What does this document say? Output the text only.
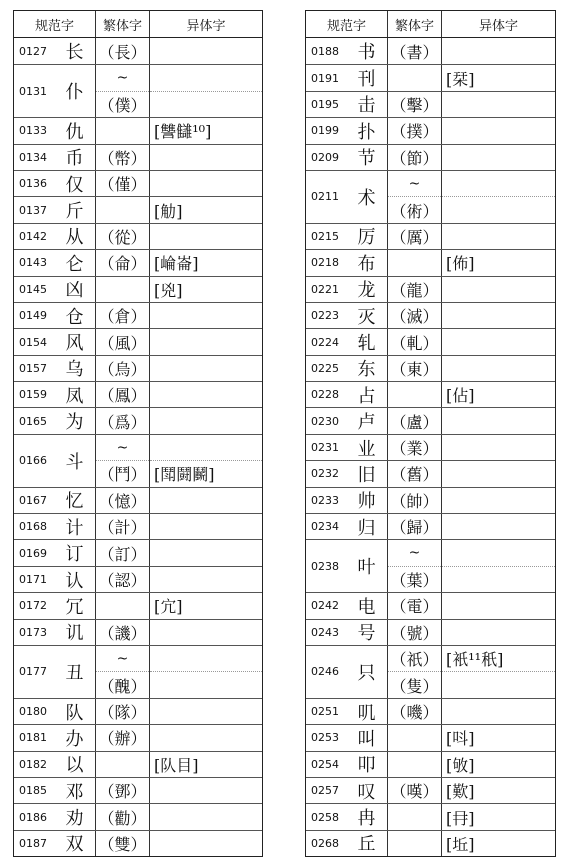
规范字	繁体字	异体字
0127	长 （長）
0131	仆
~
（僕）
0133	仇	[讐讎¹⁰]
0134	币 （幣）
0136	仅 （僅）
0137	斤	[觔]
0142	从 （從）
0143	仑 （侖） [崘崙]
0145	凶	[兇]
0149	仓 （倉）
0154	风 （風）
0157	乌 （烏）
0159	凤 （鳳）
0165	为 （爲）
0166	斗
~
（鬥） [鬦鬪鬭]
0167	忆 （憶）
0168	计 （計）
0169	订 （訂）
0171	认 （認）
0172	冗	[宂]
0173	讥 （譏）
0177	丑
~
（醜）
0180	队 （隊）
0181	办 （辦）
0182	以	[队目]
0185	邓 （鄧）
0186	劝 （勸）
0187	双 （雙）
规范字	繁体字	异体字
0188	书 （書）
0191	刊	[栞]
0195	击 （擊）
0199	扑 （撲）
0209	节 （節）
0211	术
~
（術）
0215	厉 （厲）
0218	布	[佈]
0221	龙 （龍）
0223	灭 （滅）
0224	轧 （軋）
0225	东 （東）
0228	占	[佔]
0230	卢 （盧）
0231	业 （業）
0232	旧 （舊）
0233	帅 （帥）
0234	归 （歸）
0238	叶
~
（葉）
0242	电 （電）
0243	号 （號）
0246	只
（祇）
（隻）
[衹¹¹秖]
0251	叽 （嘰）
0253	叫	[呌]
0254	叩	[敂]
0257	叹 （嘆） [歎]
0258	冉	[冄]
0268	丘	[坵]
